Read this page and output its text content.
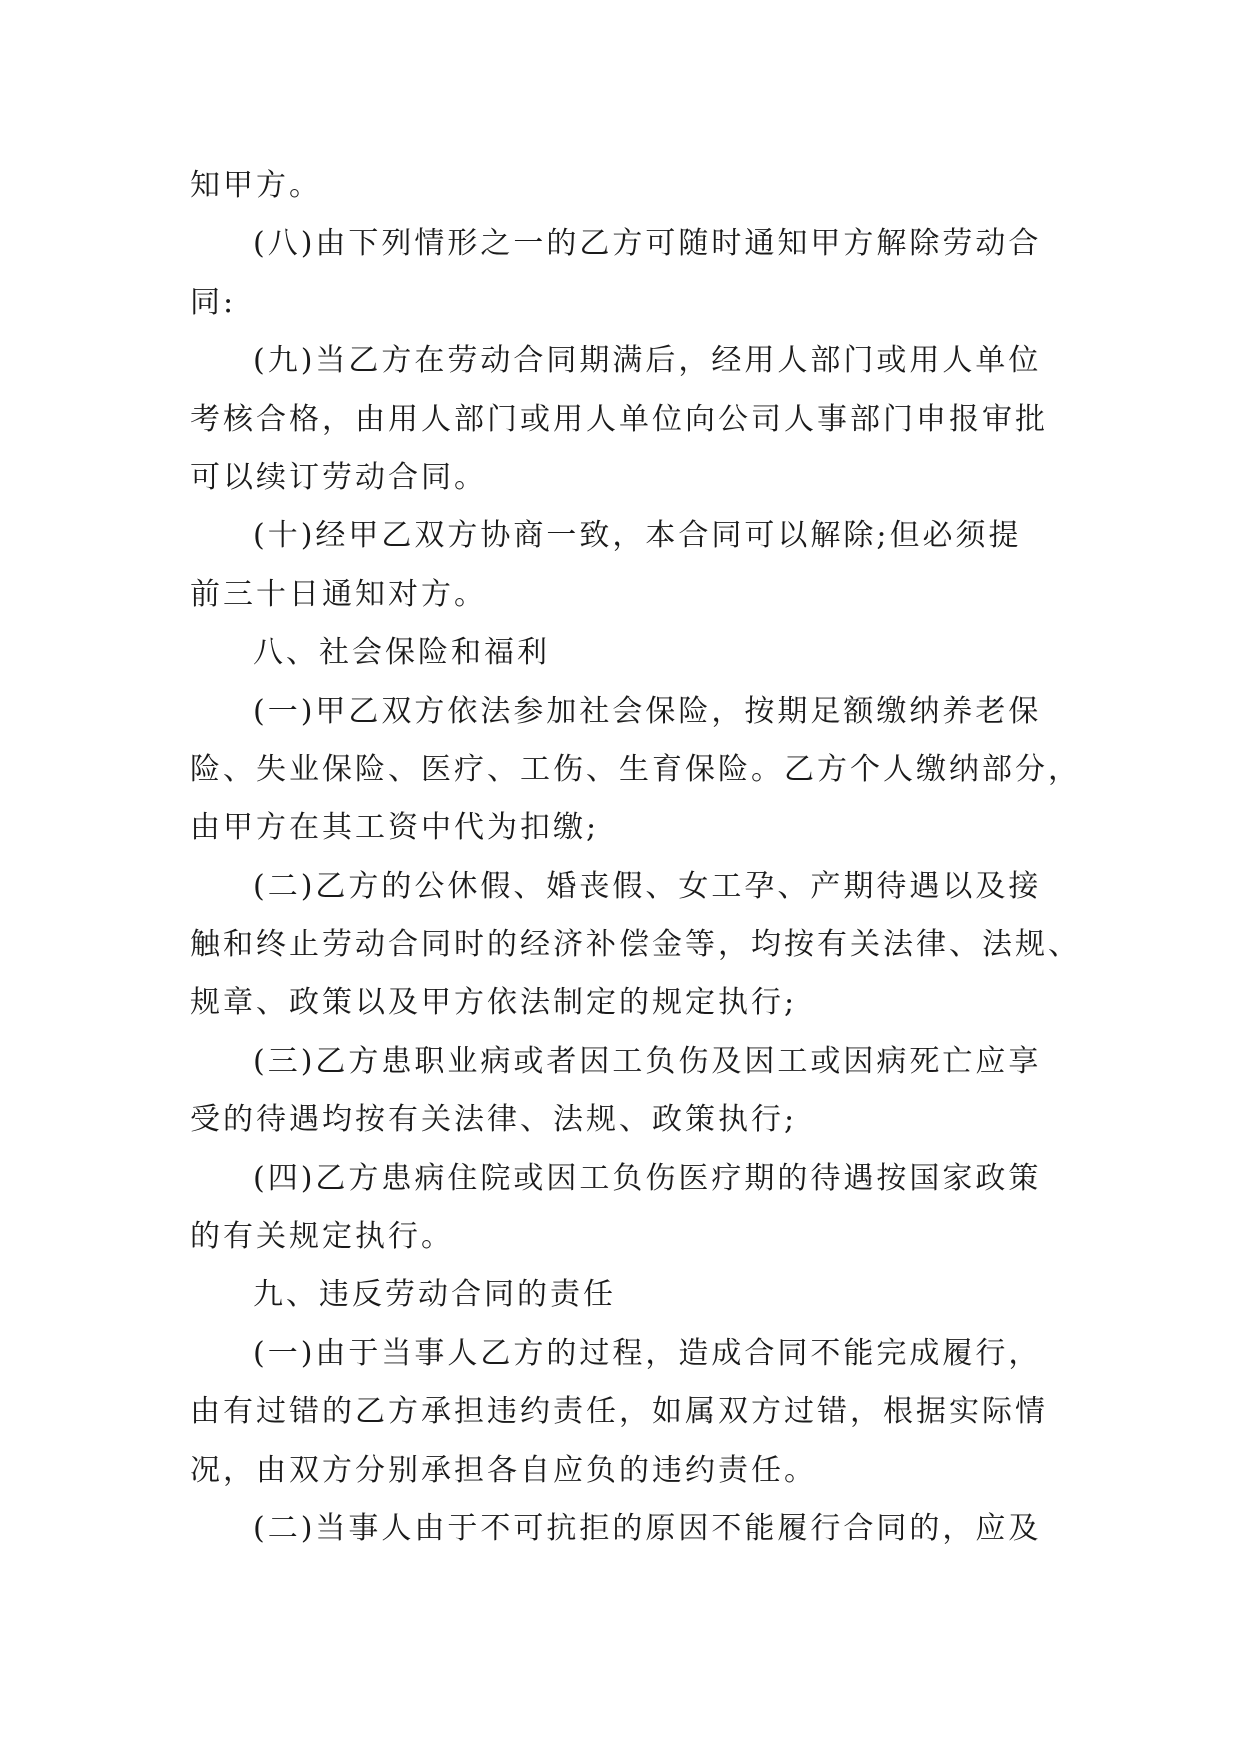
知甲方。
(八)由下列情形之一的乙方可随时通知甲方解除劳动合
同:
(九)当乙方在劳动合同期满后，经用人部门或用人单位
考核合格，由用人部门或用人单位向公司人事部门申报审批
可以续订劳动合同。
(十)经甲乙双方协商一致，本合同可以解除;但必须提
前三十日通知对方。
八、社会保险和福利
(一)甲乙双方依法参加社会保险，按期足额缴纳养老保
险、失业保险、医疗、工伤、生育保险。乙方个人缴纳部分，
由甲方在其工资中代为扣缴;
(二)乙方的公休假、婚丧假、女工孕、产期待遇以及接
触和终止劳动合同时的经济补偿金等，均按有关法律、法规、
规章、政策以及甲方依法制定的规定执行;
(三)乙方患职业病或者因工负伤及因工或因病死亡应享
受的待遇均按有关法律、法规、政策执行;
(四)乙方患病住院或因工负伤医疗期的待遇按国家政策
的有关规定执行。
九、违反劳动合同的责任
(一)由于当事人乙方的过程，造成合同不能完成履行，
由有过错的乙方承担违约责任，如属双方过错，根据实际情
况，由双方分别承担各自应负的违约责任。
(二)当事人由于不可抗拒的原因不能履行合同的，应及
